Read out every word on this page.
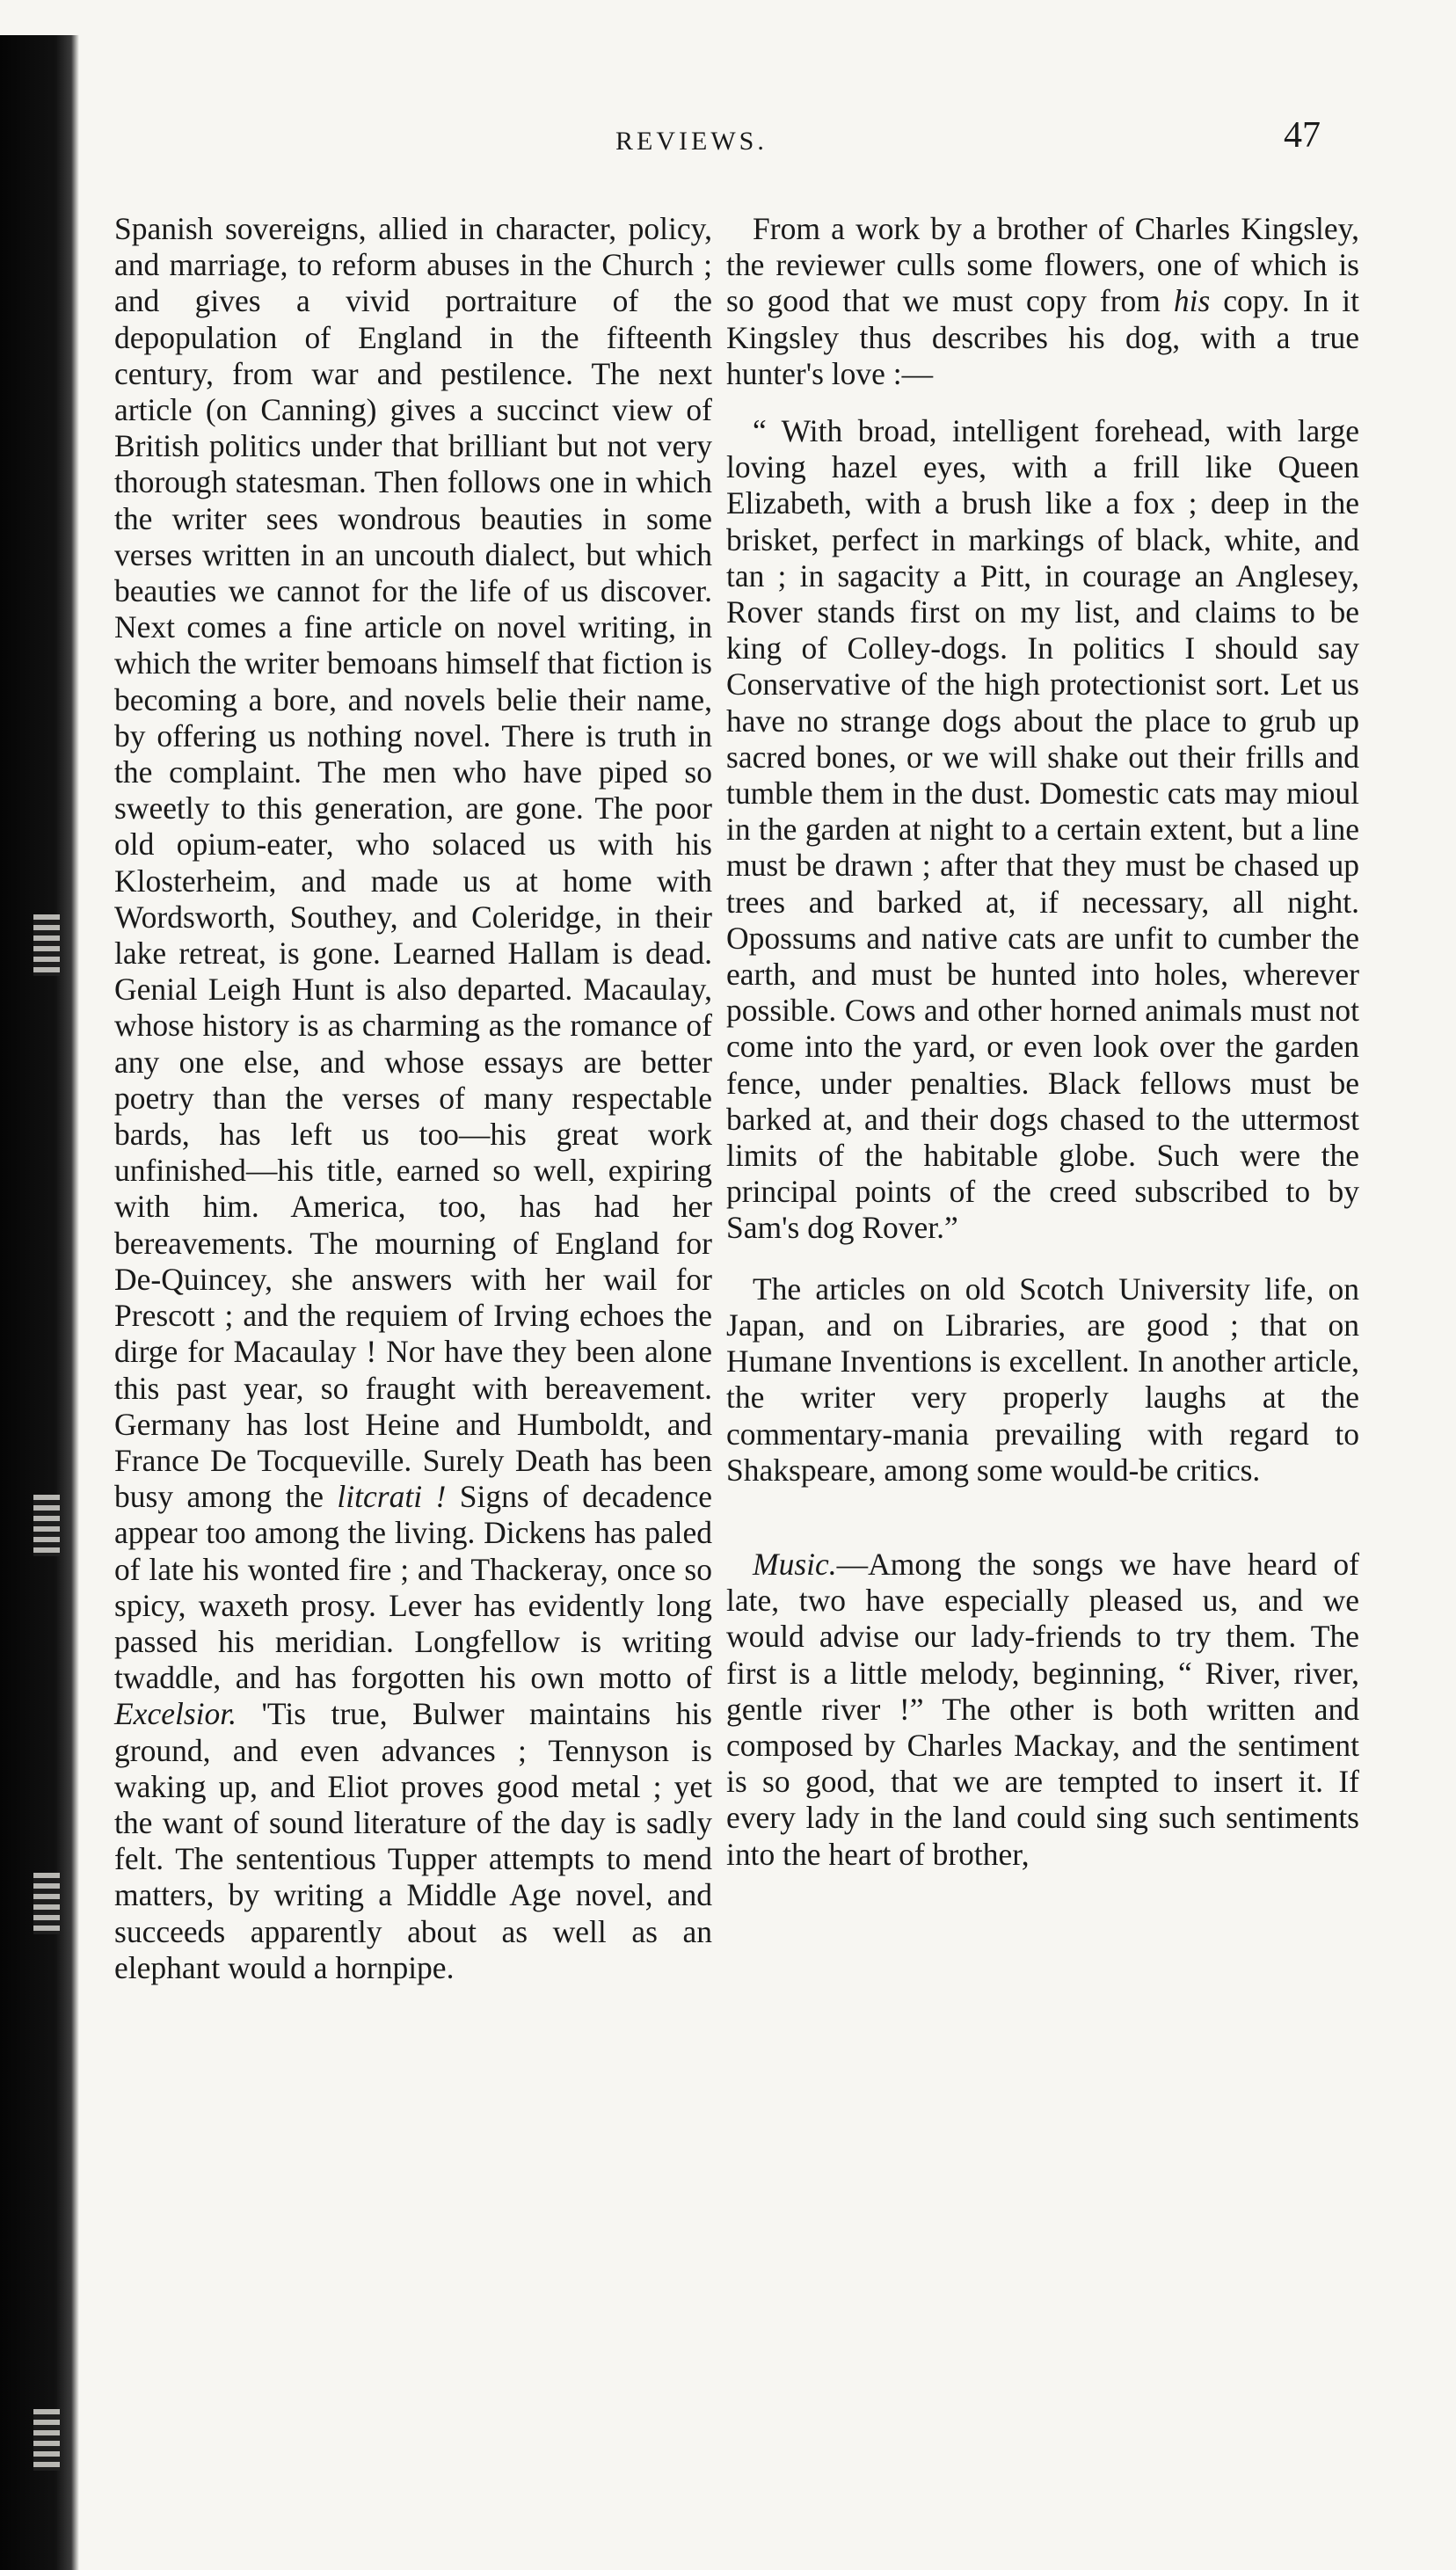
REVIEWS.	47

Spanish sovereigns, allied in character, policy, and marriage, to reform abuses in the Church ; and gives a vivid portraiture of the depopulation of England in the fifteenth century, from war and pestilence. The next article (on Canning) gives a succinct view of British politics under that brilliant but not very thorough statesman. Then follows one in which the writer sees wondrous beauties in some verses written in an uncouth dialect, but which beauties we cannot for the life of us discover. Next comes a fine article on novel writing, in which the writer bemoans himself that fiction is becoming a bore, and novels belie their name, by offering us nothing novel. There is truth in the complaint. The men who have piped so sweetly to this generation, are gone. The poor old opium-eater, who solaced us with his Klosterheim, and made us at home with Wordsworth, Southey, and Coleridge, in their lake retreat, is gone. Learned Hallam is dead. Genial Leigh Hunt is also departed. Macaulay, whose history is as charming as the romance of any one else, and whose essays are better poetry than the verses of many respectable bards, has left us too—his great work unfinished—his title, earned so well, expiring with him. America, too, has had her bereavements. The mourning of England for De-Quincey, she answers with her wail for Prescott ; and the requiem of Irving echoes the dirge for Macaulay ! Nor have they been alone this past year, so fraught with bereavement. Germany has lost Heine and Humboldt, and France De Tocqueville. Surely Death has been busy among the litcrati ! Signs of decadence appear too among the living. Dickens has paled of late his wonted fire ; and Thackeray, once so spicy, waxeth prosy. Lever has evidently long passed his meridian. Longfellow is writing twaddle, and has forgotten his own motto of Excelsior. 'Tis true, Bulwer maintains his ground, and even advances ; Tennyson is waking up, and Eliot proves good metal ; yet the want of sound literature of the day is sadly felt. The sententious Tupper attempts to mend matters, by writing a Middle Age novel, and succeeds apparently about as well as an elephant would a hornpipe.

From a work by a brother of Charles Kingsley, the reviewer culls some flowers, one of which is so good that we must copy from his copy. In it Kingsley thus describes his dog, with a true hunter's love :—

“ With broad, intelligent forehead, with large loving hazel eyes, with a frill like Queen Elizabeth, with a brush like a fox ; deep in the brisket, perfect in markings of black, white, and tan ; in sagacity a Pitt, in courage an Anglesey, Rover stands first on my list, and claims to be king of Colley-dogs. In politics I should say Conservative of the high protectionist sort. Let us have no strange dogs about the place to grub up sacred bones, or we will shake out their frills and tumble them in the dust. Domestic cats may mioul in the garden at night to a certain extent, but a line must be drawn ; after that they must be chased up trees and barked at, if necessary, all night. Opossums and native cats are unfit to cumber the earth, and must be hunted into holes, wherever possible. Cows and other horned animals must not come into the yard, or even look over the garden fence, under penalties. Black fellows must be barked at, and their dogs chased to the uttermost limits of the habitable globe. Such were the principal points of the creed subscribed to by Sam's dog Rover.”

The articles on old Scotch University life, on Japan, and on Libraries, are good ; that on Humane Inventions is excellent. In another article, the writer very properly laughs at the commentary-mania prevailing with regard to Shakspeare, among some would-be critics.

Music.—Among the songs we have heard of late, two have especially pleased us, and we would advise our lady-friends to try them. The first is a little melody, beginning, “ River, river, gentle river !” The other is both written and composed by Charles Mackay, and the sentiment is so good, that we are tempted to insert it. If every lady in the land could sing such sentiments into the heart of brother,
